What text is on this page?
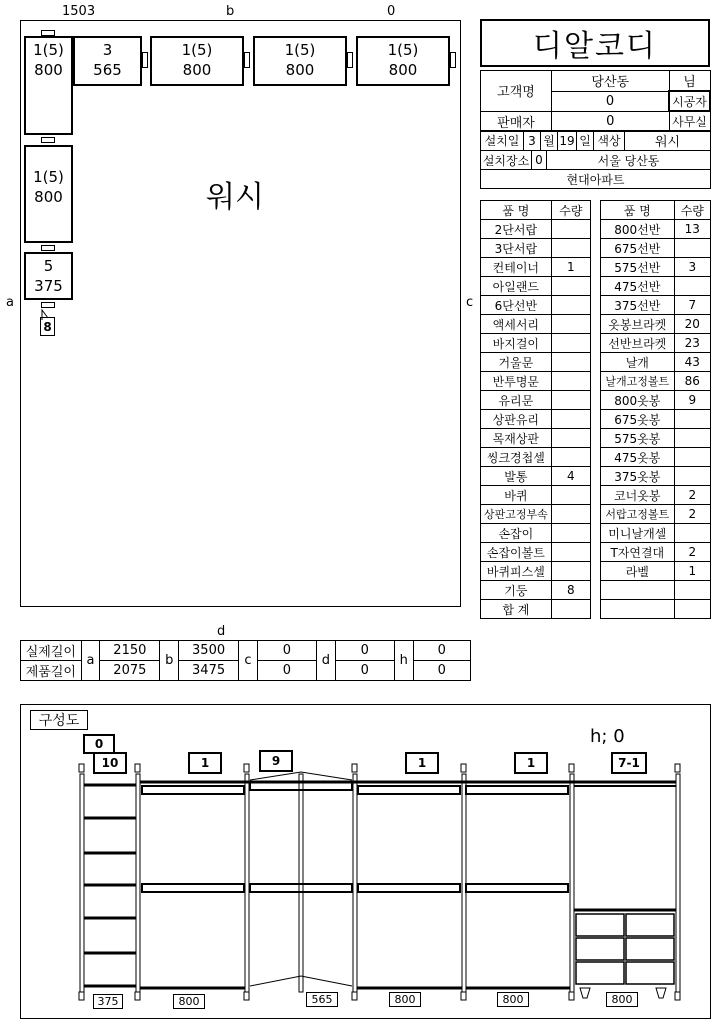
1503	b	0
a	c
d
1(5)
800
3
565
1(5)
800
1(5)
800
1(5)
800
1(5)
800
5
375
8
워시
디알코디
고객명	당산동	님
	0	시공자
판매자	0	사무실
설치일	3	월	19	일	색상	워시
설치장소	0	서울 당산동
현대아파트
품 명	수량
2단서랍	
3단서랍	
컨테이너	1
아일랜드	
6단선반	
액세서리	
바지걸이	
거울문	
반투명문	
유리문	
상판유리	
목재상판	
씽크경첩셀	
발통	4
바퀴	
상판고정부속	
손잡이	
손잡이볼트	
바퀴피스셀	
기둥	8
합 계	
품 명	수량
800선반	13
675선반	
575선반	3
475선반	
375선반	7
옷봉브라켓	20
선반브라켓	23
날개	43
날개고정볼트	86
800옷봉	9
675옷봉	
575옷봉	
475옷봉	
375옷봉	
코너옷봉	2
서랍고정볼트	2
미니날개셀	
T자연결대	2
라벨	1

실제길이	a	2150	b	3500	c	0	d	0	h	0
제품길이		2075		3475		0		0		0
구성도
h; 0
0
10	1	9	1	1	7-1
375	800	565	800	800	800
